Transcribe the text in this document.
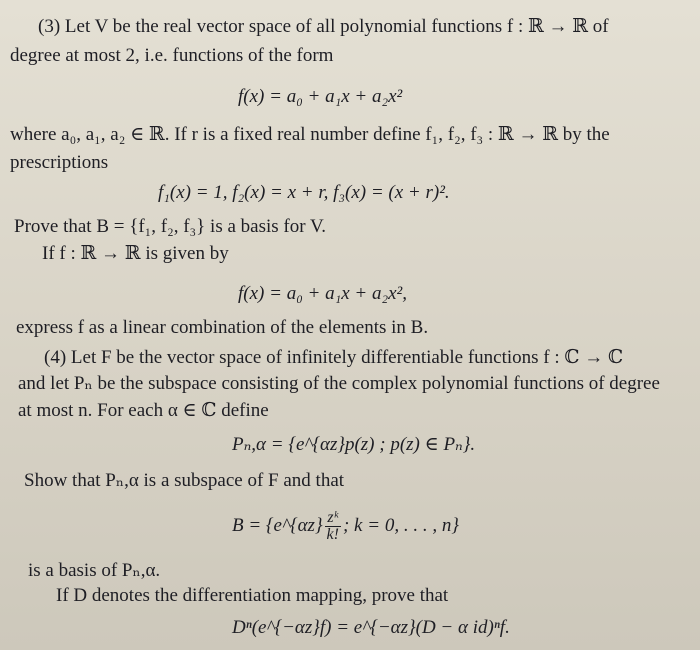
(3) Let V be the real vector space of all polynomial functions f : ℝ → ℝ of
degree at most 2, i.e. functions of the form
f(x) = a₀ + a₁x + a₂x²
where a₀, a₁, a₂ ∈ ℝ. If r is a fixed real number define f₁, f₂, f₃ : ℝ → ℝ by the
prescriptions
f₁(x) = 1, f₂(x) = x + r, f₃(x) = (x + r)².
Prove that B = {f₁, f₂, f₃} is a basis for V.
If f : ℝ → ℝ is given by
f(x) = a₀ + a₁x + a₂x²,
express f as a linear combination of the elements in B.
(4) Let F be the vector space of infinitely differentiable functions f : ℂ → ℂ
and let Pₙ be the subspace consisting of the complex polynomial functions of degree
at most n. For each α ∈ ℂ define
Pₙ,α = {e^{αz}p(z) ; p(z) ∈ Pₙ}.
Show that Pₙ,α is a subspace of F and that
B = {e^{αz} $\frac{\text{zᵏ}}{k!}$ ; k = 0, . . . , n}
is a basis of Pₙ,α.
If D denotes the differentiation mapping, prove that
Dⁿ(e^{−αz}f) = e^{−αz}(D − α id)ⁿf.
